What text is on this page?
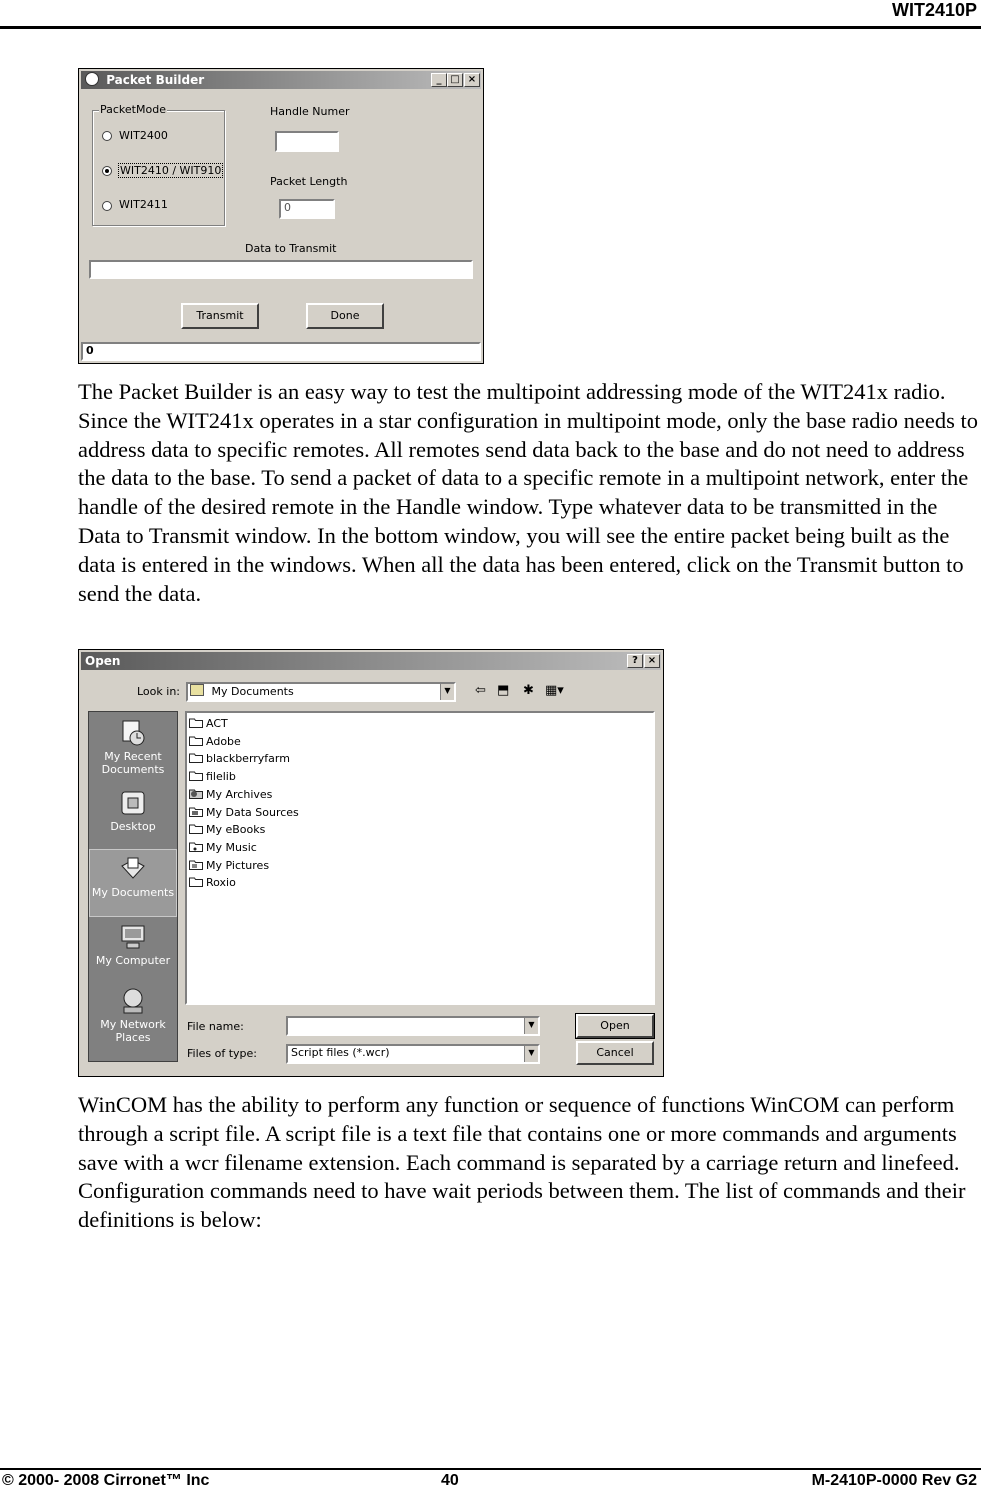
WIT2410P
Packet Builder	_ □ ×
PacketMode
WIT2400
WIT2410 / WIT910
WIT2411
Handle Numer
Packet Length
0
Data to Transmit
Transmit	Done
0

The Packet Builder is an easy way to test the multipoint addressing mode of the WIT241x radio. Since the WIT241x operates in a star configuration in multipoint mode, only the base radio needs to address data to specific remotes. All remotes send data back to the base and do not need to address the data to the base. To send a packet of data to a specific remote in a multipoint network, enter the handle of the desired remote in the Handle window. Type whatever data to be transmitted in the Data to Transmit window. In the bottom window, you will see the entire packet being built as the data is entered in the windows. When all the data has been entered, click on the Transmit button to send the data.

Open	? ×
Look in:	My Documents	▼ ⇦ ⬒ ✱ ▦▾
My Recent Documents
Desktop
My Documents
My Computer
My Network Places
ACT
Adobe
blackberryfarm
filelib
My Archives
My Data Sources
My eBooks
My Music
My Pictures
Roxio
File name:	▼
Files of type:	Script files (*.wcr)	▼
Open
Cancel

WinCOM has the ability to perform any function or sequence of functions WinCOM can perform through a script file. A script file is a text file that contains one or more commands and arguments save with a wcr filename extension. Each command is separated by a carriage return and linefeed. Configuration commands need to have wait periods between them. The list of commands and their definitions is below:

© 2000- 2008 Cirronet™ Inc	40	M-2410P-0000 Rev G2
